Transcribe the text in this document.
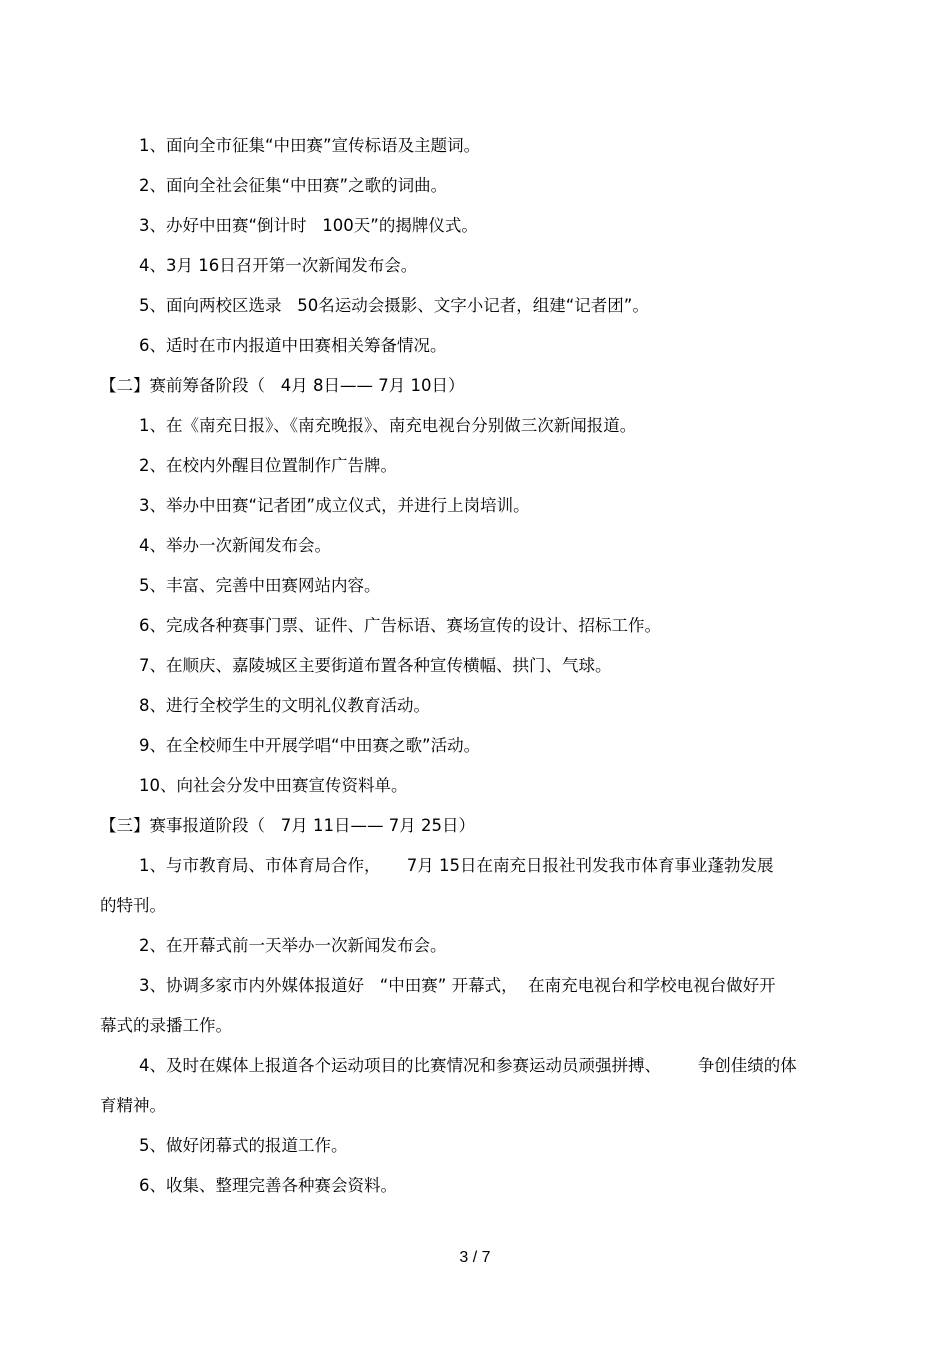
1、面向全市征集“中田赛”宣传标语及主题词。
2、面向全社会征集“中田赛”之歌的词曲。
3、办好中田赛“倒计时   100天”的揭牌仪式。
4、3月 16日召开第一次新闻发布会。
5、面向两校区选录   50名运动会摄影、文字小记者，组建“记者团”。
6、适时在市内报道中田赛相关筹备情况。
【二】赛前筹备阶段（   4月 8日—— 7月 10日）
1、在《南充日报》、《南充晚报》、南充电视台分别做三次新闻报道。
2、在校内外醒目位置制作广告牌。
3、举办中田赛“记者团”成立仪式，并进行上岗培训。
4、举办一次新闻发布会。
5、丰富、完善中田赛网站内容。
6、完成各种赛事门票、证件、广告标语、赛场宣传的设计、招标工作。
7、在顺庆、嘉陵城区主要街道布置各种宣传横幅、拱门、气球。
8、进行全校学生的文明礼仪教育活动。
9、在全校师生中开展学唱“中田赛之歌”活动。
10、向社会分发中田赛宣传资料单。
【三】赛事报道阶段（   7月 11日—— 7月 25日）
1、与市教育局、市体育局合作，     7月 15日在南充日报社刊发我市体育事业蓬勃发展
的特刊。
2、在开幕式前一天举办一次新闻发布会。
3、协调多家市内外媒体报道好   “中田赛” 开幕式，  在南充电视台和学校电视台做好开
幕式的录播工作。
4、及时在媒体上报道各个运动项目的比赛情况和参赛运动员顽强拼搏、       争创佳绩的体
育精神。
5、做好闭幕式的报道工作。
6、收集、整理完善各种赛会资料。
3 / 7
